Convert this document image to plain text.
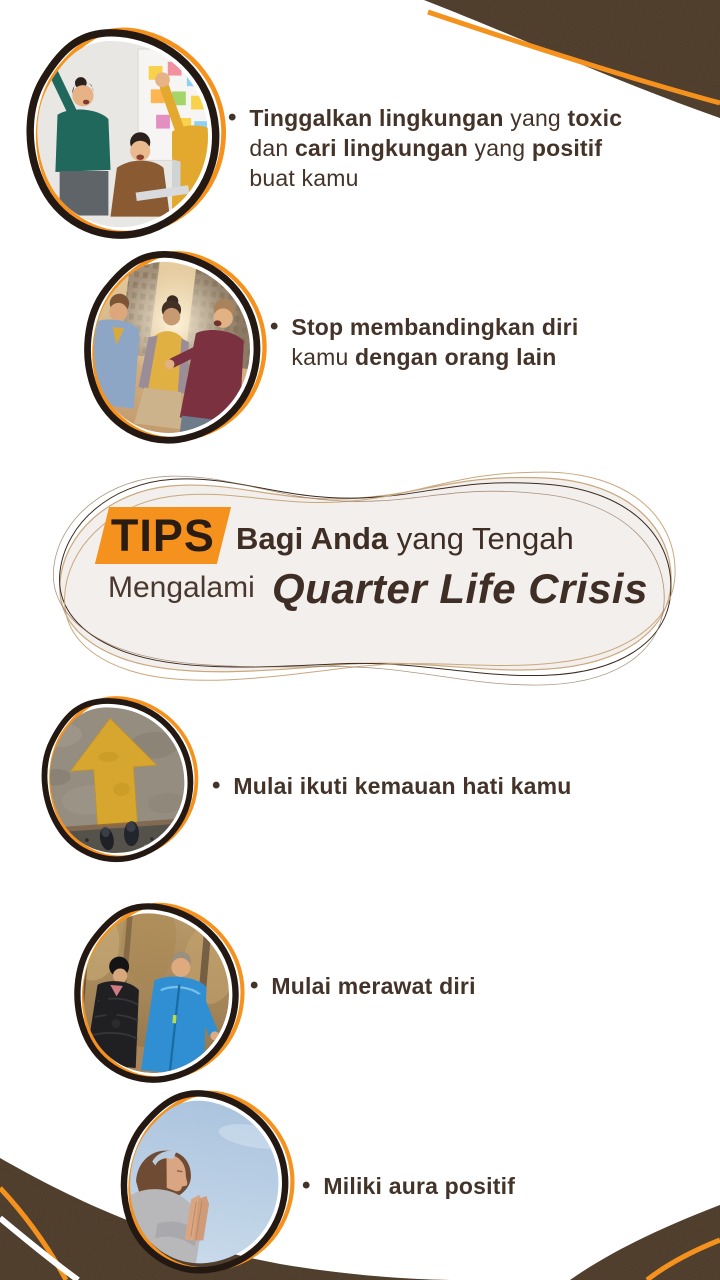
TIPS Bagi Anda yang Tengah
Mengalami Quarter Life Crisis
• Tinggalkan lingkungan yang toxic
dan cari lingkungan yang positif
buat kamu
• Stop membandingkan diri
kamu dengan orang lain
• Mulai ikuti kemauan hati kamu
• Mulai merawat diri
• Miliki aura positif
